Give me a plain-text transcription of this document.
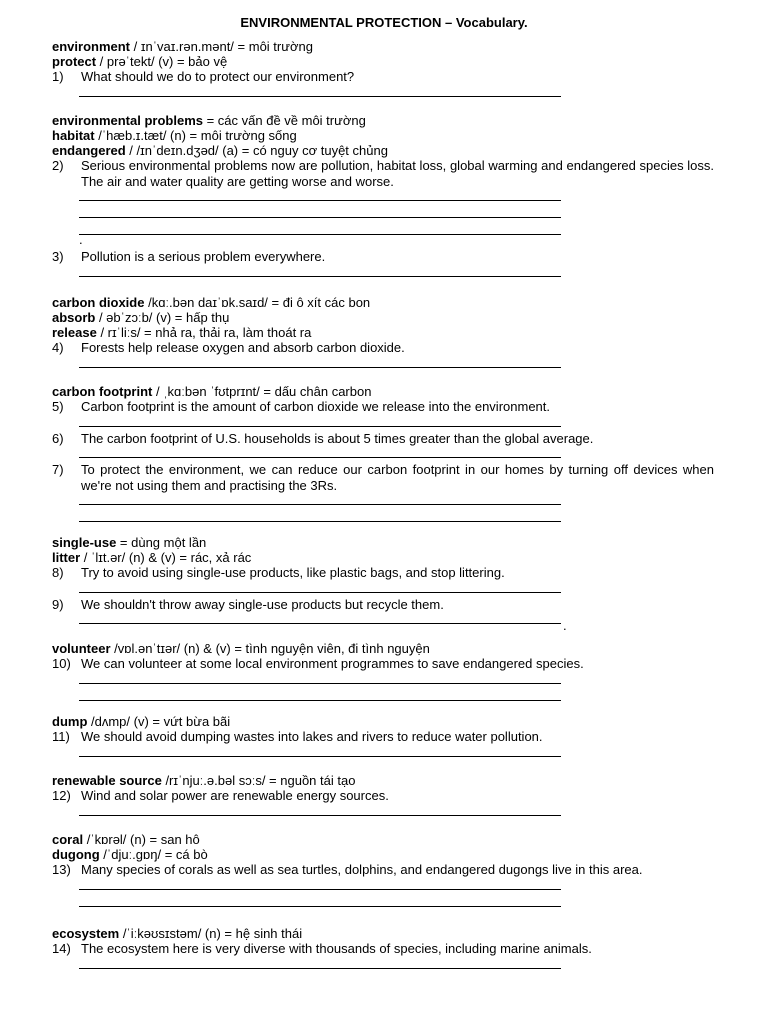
ENVIRONMENTAL PROTECTION – Vocabulary.
environment / ɪnˈvaɪ.rən.mənt/ = môi trường
protect / prəˈtekt/ (v) = bảo vệ
1)	What should we do to protect our environment?
environmental problems = các vấn đề về môi trường
habitat /ˈhæb.ɪ.tæt/ (n) = môi trường sống
endangered / /ɪnˈdeɪn.dʒəd/ (a) = có nguy cơ tuyệt chủng
2)	Serious environmental problems now are pollution, habitat loss, global warming and endangered species loss. The air and water quality are getting worse and worse.
.
3)	Pollution is a serious problem everywhere.
carbon dioxide /kɑː.bən daɪˈɒk.saɪd/ = đi ô xít các bon
absorb / əbˈzɔːb/ (v) = hấp thụ
release / rɪˈliːs/ = nhả ra, thải ra, làm thoát ra
4)	Forests help release oxygen and absorb carbon dioxide.
carbon footprint / ˌkɑːbən ˈfʊtprɪnt/ = dấu chân carbon
5)	Carbon footprint is the amount of carbon dioxide we release into the environment.
6)	The carbon footprint of U.S. households is about 5 times greater than the global average.
7)	To protect the environment, we can reduce our carbon footprint in our homes by turning off devices when we're not using them and practising the 3Rs.
single-use = dùng một lần
litter / ˈlɪt.ər/ (n) & (v) = rác, xả rác
8)	Try to avoid using single-use products, like plastic bags, and stop littering.
9)	We shouldn't throw away single-use products but recycle them.
.
volunteer /vɒl.ənˈtɪər/ (n) & (v) = tình nguyện viên, đi tình nguyện
10) We can volunteer at some local environment programmes to save endangered species.
dump /dʌmp/ (v) = vứt bừa bãi
11) We should avoid dumping wastes into lakes and rivers to reduce water pollution.
renewable source /rɪˈnjuː.ə.bəl sɔːs/ = nguồn tái tạo
12) Wind and solar power are renewable energy sources.
coral /ˈkɒrəl/ (n) = san hô
dugong /ˈdjuː.gɒŋ/ = cá bò
13) Many species of corals as well as sea turtles, dolphins, and endangered dugongs live in this area.
ecosystem /ˈiːkəʊsɪstəm/ (n) = hệ sinh thái
14) The ecosystem here is very diverse with thousands of species, including marine animals.
